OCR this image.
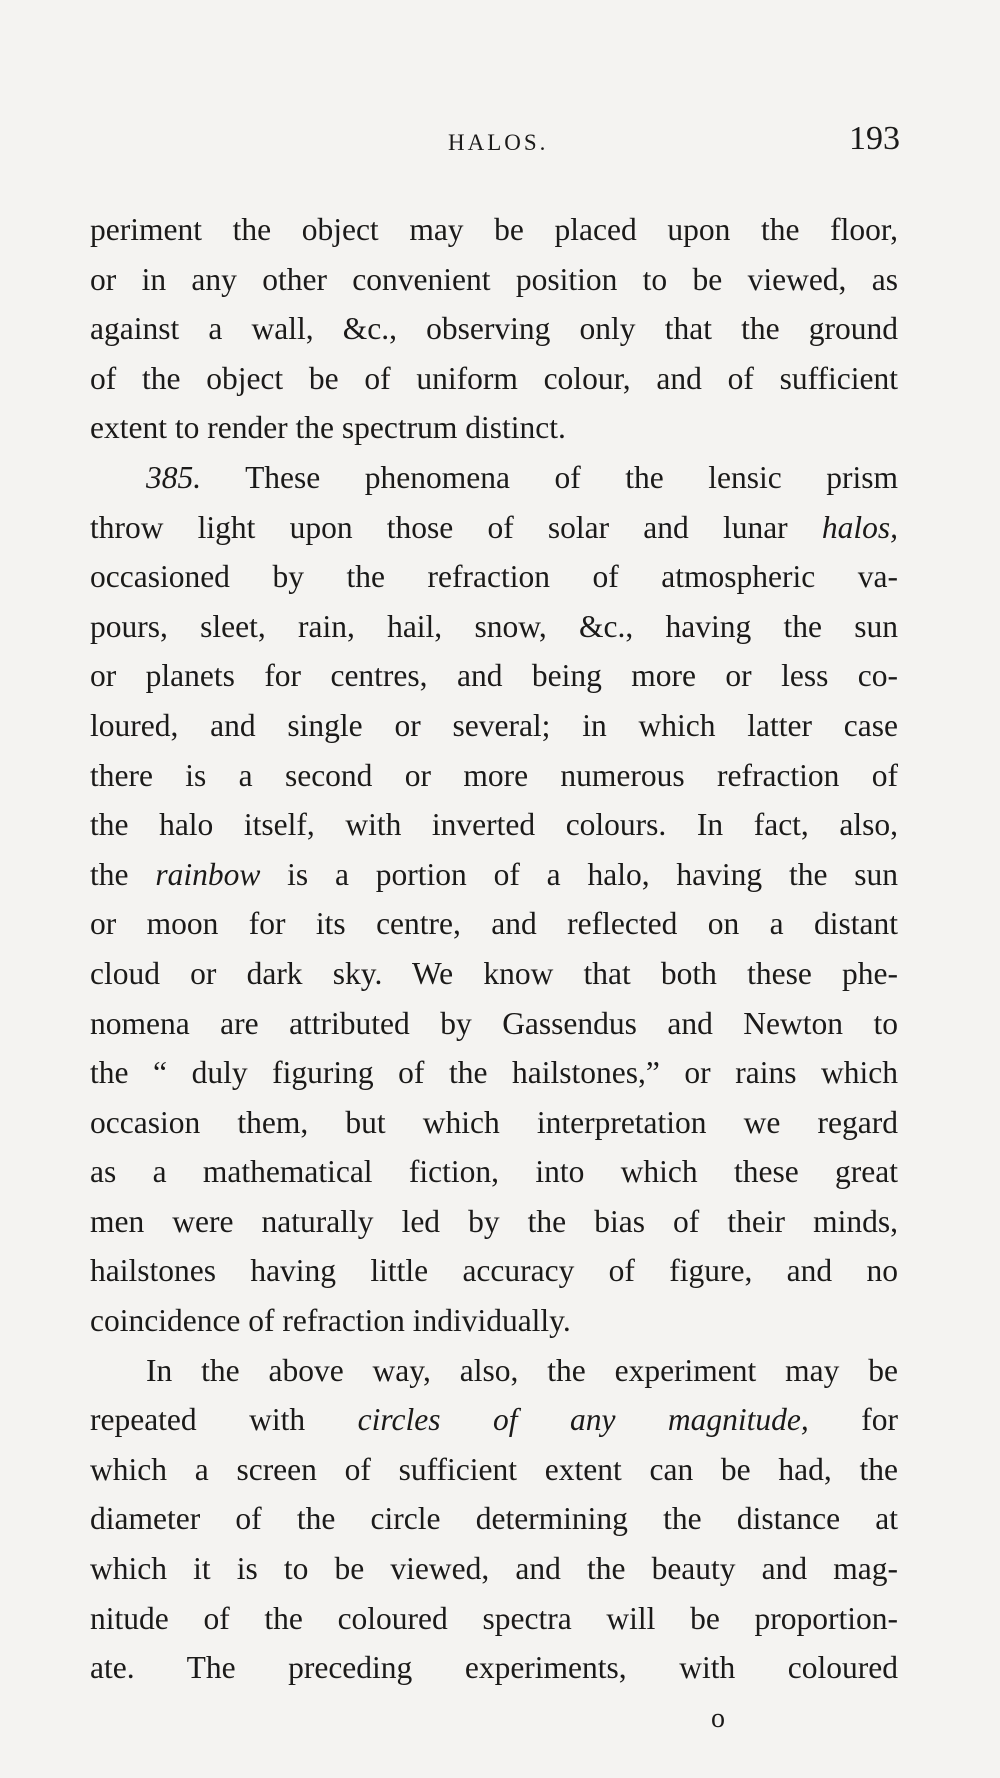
HALOS.	193
periment the object may be placed upon the floor,
or in any other convenient position to be viewed, as
against a wall, &c., observing only that the ground
of the object be of uniform colour, and of sufficient
extent to render the spectrum distinct.
385. These phenomena of the lensic prism
throw light upon those of solar and lunar halos,
occasioned by the refraction of atmospheric va-
pours, sleet, rain, hail, snow, &c., having the sun
or planets for centres, and being more or less co-
loured, and single or several; in which latter case
there is a second or more numerous refraction of
the halo itself, with inverted colours. In fact, also,
the rainbow is a portion of a halo, having the sun
or moon for its centre, and reflected on a distant
cloud or dark sky. We know that both these phe-
nomena are attributed by Gassendus and Newton to
the “ duly figuring of the hailstones,” or rains which
occasion them, but which interpretation we regard
as a mathematical fiction, into which these great
men were naturally led by the bias of their minds,
hailstones having little accuracy of figure, and no
coincidence of refraction individually.
In the above way, also, the experiment may be
repeated with circles of any magnitude, for
which a screen of sufficient extent can be had, the
diameter of the circle determining the distance at
which it is to be viewed, and the beauty and mag-
nitude of the coloured spectra will be proportion-
ate. The preceding experiments, with coloured
o
